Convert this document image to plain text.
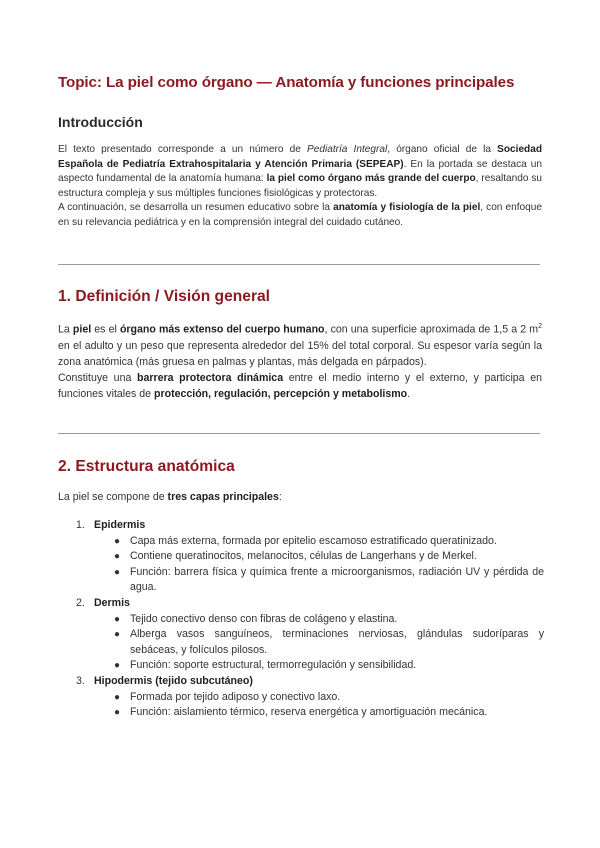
Topic: La piel como órgano — Anatomía y funciones principales
Introducción

El texto presentado corresponde a un número de Pediatría Integral, órgano oficial de la Sociedad Española de Pediatría Extrahospitalaria y Atención Primaria (SEPEAP). En la portada se destaca un aspecto fundamental de la anatomía humana: la piel como órgano más grande del cuerpo, resaltando su estructura compleja y sus múltiples funciones fisiológicas y protectoras.

A continuación, se desarrolla un resumen educativo sobre la anatomía y fisiología de la piel, con enfoque en su relevancia pediátrica y en la comprensión integral del cuidado cutáneo.

1. Definición / Visión general

La piel es el órgano más extenso del cuerpo humano, con una superficie aproximada de 1,5 a 2 $m^2$ en el adulto y un peso que representa alrededor del 15% del total corporal. Su espesor varía según la zona anatómica (más gruesa en palmas y plantas, más delgada en párpados).

Constituye una barrera protectora dinámica entre el medio interno y el externo, y participa en funciones vitales de protección, regulación, percepción y metabolismo.

2. Estructura anatómica

La piel se compone de tres capas principales:

1. Epidermis
● Capa más externa, formada por epitelio escamoso estratificado queratinizado.
● Contiene queratinocitos, melanocitos, células de Langerhans y de Merkel.
● Función: barrera física y química frente a microorganismos, radiación UV y pérdida de agua.
2. Dermis
● Tejido conectivo denso con fibras de colágeno y elastina.
● Alberga vasos sanguíneos, terminaciones nerviosas, glándulas sudoríparas y sebáceas, y folículos pilosos.
● Función: soporte estructural, termorregulación y sensibilidad.
3. Hipodermis (tejido subcutáneo)
● Formada por tejido adiposo y conectivo laxo.
● Función: aislamiento térmico, reserva energética y amortiguación mecánica.
